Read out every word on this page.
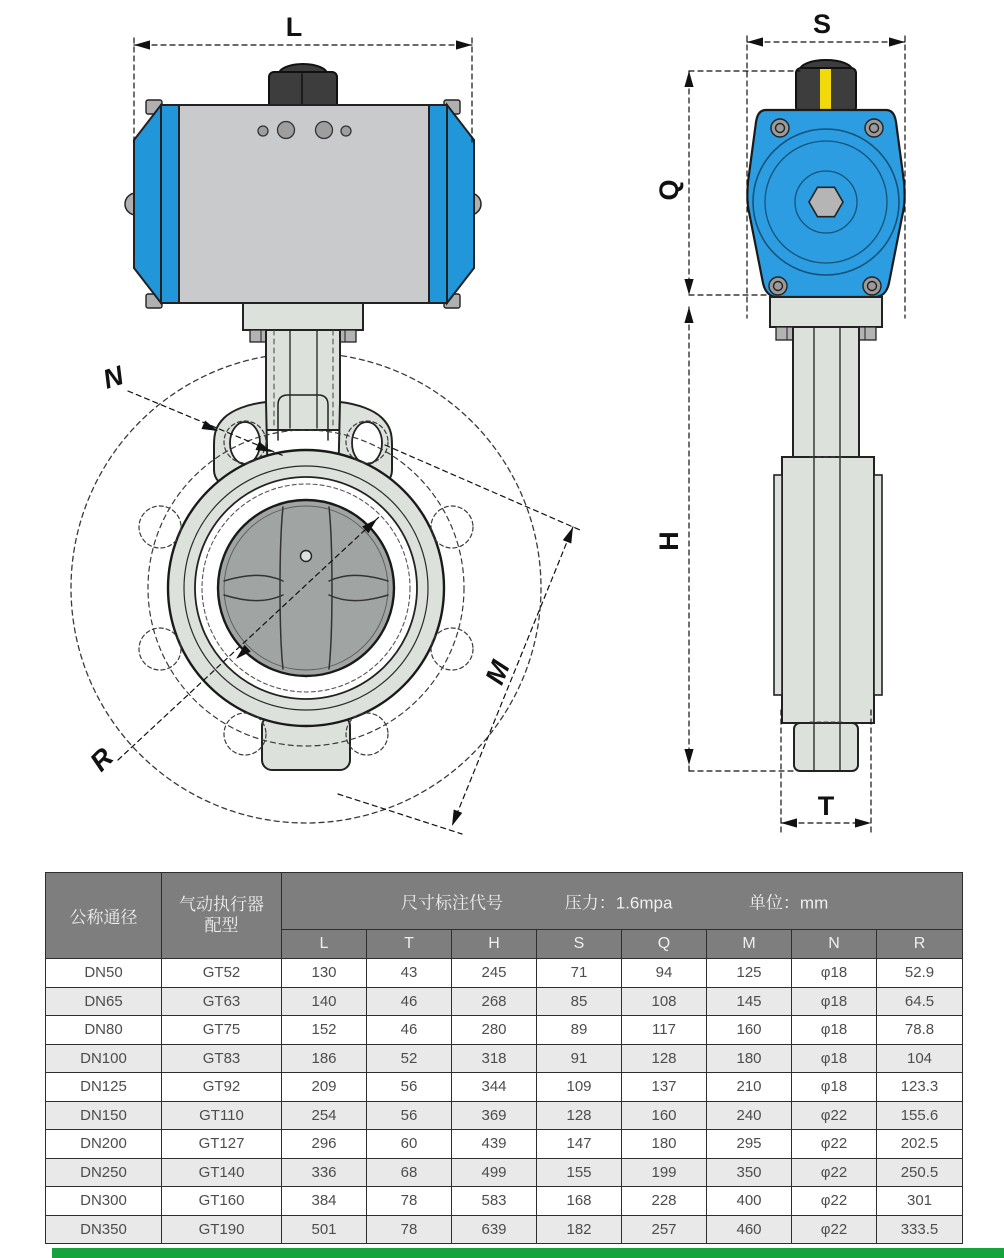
L
N
M
R
S
Q
H
T
公称通径	
气动执行器
配型

尺寸标注代号	压力：1.6mpa	单位：mm

		L	T	H	S	Q	M	N	R
DN50	GT52	130	43	245	71	94	125	φ18	52.9
DN65	GT63	140	46	268	85	108	145	φ18	64.5
DN80	GT75	152	46	280	89	117	160	φ18	78.8
DN100	GT83	186	52	318	91	128	180	φ18	104
DN125	GT92	209	56	344	109	137	210	φ18	123.3
DN150	GT110	254	56	369	128	160	240	φ22	155.6
DN200	GT127	296	60	439	147	180	295	φ22	202.5
DN250	GT140	336	68	499	155	199	350	φ22	250.5
DN300	GT160	384	78	583	168	228	400	φ22	301
DN350	GT190	501	78	639	182	257	460	φ22	333.5
